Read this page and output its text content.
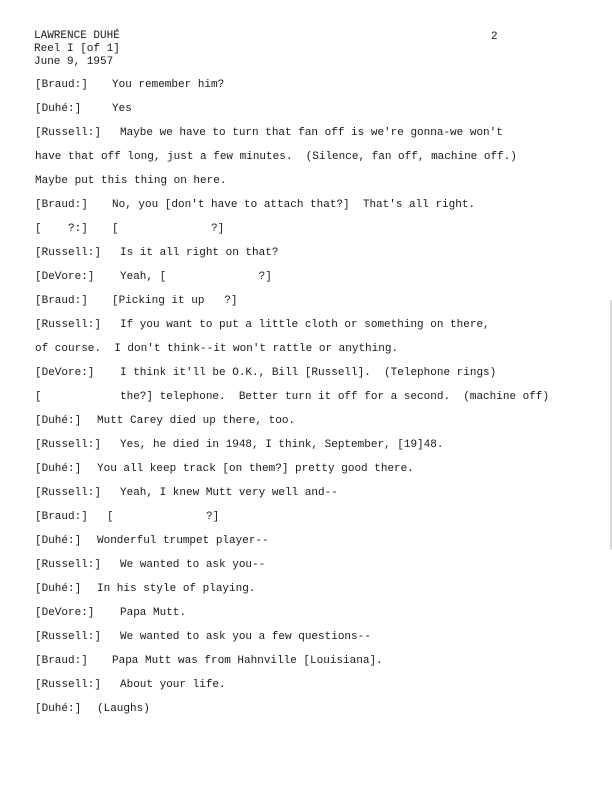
LAWRENCE DUHÉ
Reel I [of 1]
June 9, 1957
2
[Braud:] You remember him?
[Duhé:]	Yes
[Russell:] Maybe we have to turn that fan off is we're gonna-we won't
have that off long, just a few minutes.  (Silence, fan off, machine off.)
Maybe put this thing on here.
[Braud:] No, you [don't have to attach that?]  That's all right.
[    ?:] [              ?]
[Russell:] Is it all right on that?
[DeVore:] Yeah, [              ?]
[Braud:] [Picking it up   ?]
[Russell:] If you want to put a little cloth or something on there,
of course.  I don't think--it won't rattle or anything.
[DeVore:] I think it'll be O.K., Bill [Russell].  (Telephone rings)
[	the?] telephone.  Better turn it off for a second.  (machine off)
[Duhé:] Mutt Carey died up there, too.
[Russell:] Yes, he died in 1948, I think, September, [19]48.
[Duhé:] You all keep track [on them?] pretty good there.
[Russell:] Yeah, I knew Mutt very well and--
[Braud:] [              ?]
[Duhé:] Wonderful trumpet player--
[Russell:] We wanted to ask you--
[Duhé:] In his style of playing.
[DeVore:] Papa Mutt.
[Russell:] We wanted to ask you a few questions--
[Braud:] Papa Mutt was from Hahnville [Louisiana].
[Russell:] About your life.
[Duhé:] (Laughs)
